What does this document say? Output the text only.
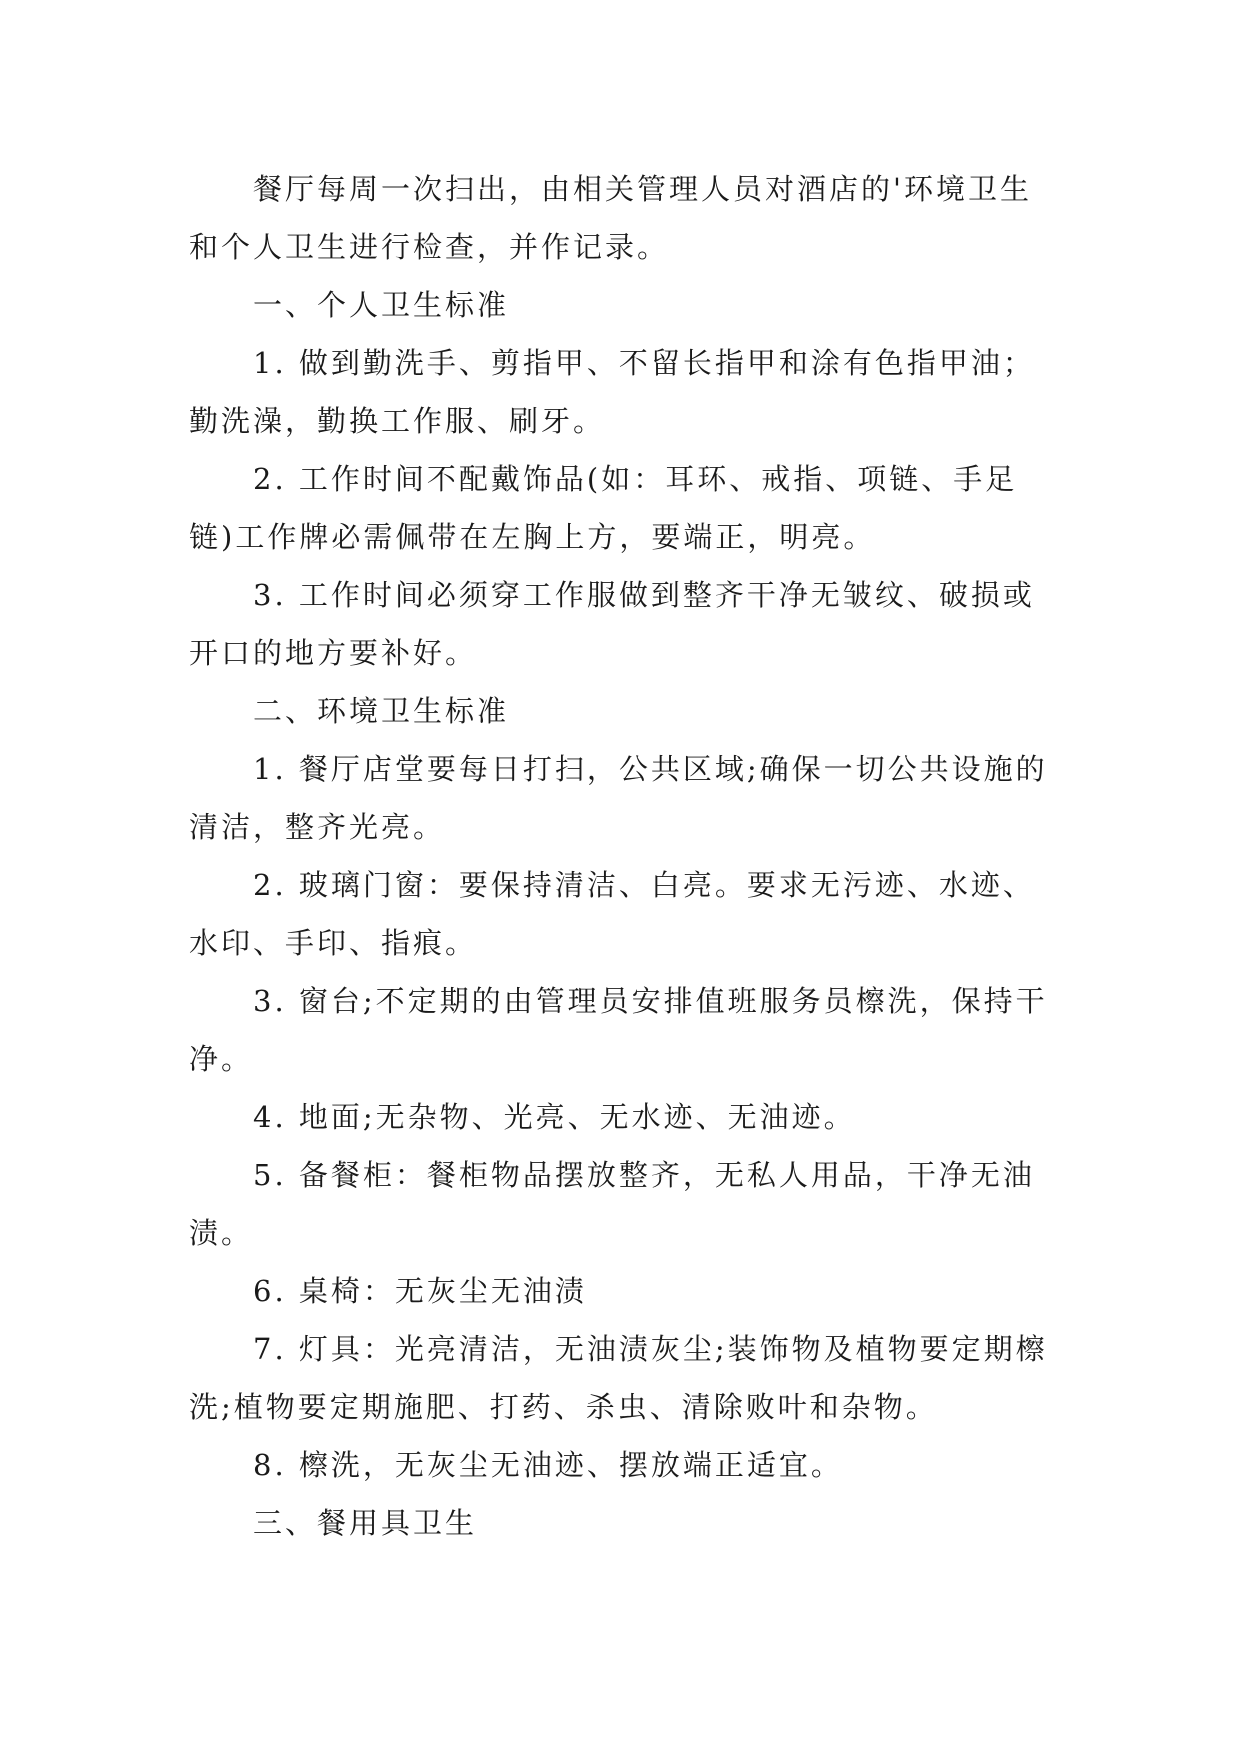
餐厅每周一次扫出，由相关管理人员对酒店的'环境卫生和个人卫生进行检查，并作记录。

一、个人卫生标准

1. 做到勤洗手、剪指甲、不留长指甲和涂有色指甲油；勤洗澡，勤换工作服、刷牙。

2. 工作时间不配戴饰品(如：耳环、戒指、项链、手足链)工作牌必需佩带在左胸上方，要端正，明亮。

3. 工作时间必须穿工作服做到整齐干净无皱纹、破损或开口的地方要补好。

二、环境卫生标准

1. 餐厅店堂要每日打扫，公共区域;确保一切公共设施的清洁，整齐光亮。

2. 玻璃门窗：要保持清洁、白亮。要求无污迹、水迹、水印、手印、指痕。

3. 窗台;不定期的由管理员安排值班服务员檫洗，保持干净。

4. 地面;无杂物、光亮、无水迹、无油迹。

5. 备餐柜：餐柜物品摆放整齐，无私人用品，干净无油渍。

6. 桌椅：无灰尘无油渍

7. 灯具：光亮清洁，无油渍灰尘;装饰物及植物要定期檫洗;植物要定期施肥、打药、杀虫、清除败叶和杂物。

8. 檫洗，无灰尘无油迹、摆放端正适宜。

三、餐用具卫生
